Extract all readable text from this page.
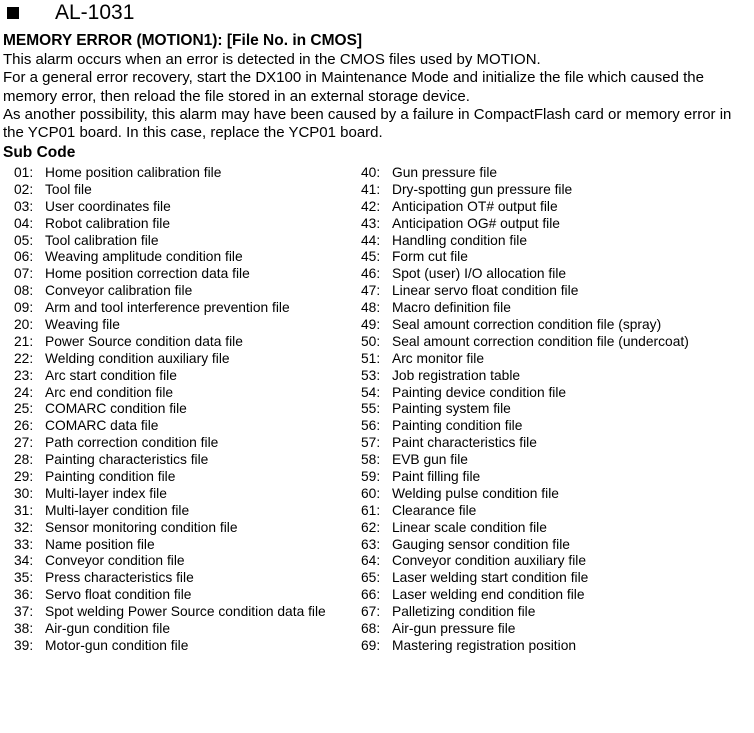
AL-1031
MEMORY ERROR (MOTION1): [File No. in CMOS]

This alarm occurs when an error is detected in the CMOS files used by MOTION.

For a general error recovery, start the DX100 in Maintenance Mode and initialize the file which caused the memory error, then reload the file stored in an external storage device.

As another possibility, this alarm may have been caused by a failure in CompactFlash card or memory error in the YCP01 board. In this case, replace the YCP01 board.

Sub Code
01: Home position calibration file
02: Tool file
03: User coordinates file
04: Robot calibration file
05: Tool calibration file
06: Weaving amplitude condition file
07: Home position correction data file
08: Conveyor calibration file
09: Arm and tool interference prevention file
20: Weaving file
21: Power Source condition data file
22: Welding condition auxiliary file
23: Arc start condition file
24: Arc end condition file
25: COMARC condition file
26: COMARC data file
27: Path correction condition file
28: Painting characteristics file
29: Painting condition file
30: Multi-layer index file
31: Multi-layer condition file
32: Sensor monitoring condition file
33: Name position file
34: Conveyor condition file
35: Press characteristics file
36: Servo float condition file
37: Spot welding Power Source condition data file
38: Air-gun condition file
39: Motor-gun condition file
40: Gun pressure file
41: Dry-spotting gun pressure file
42: Anticipation OT# output file
43: Anticipation OG# output file
44: Handling condition file
45: Form cut file
46: Spot (user) I/O allocation file
47: Linear servo float condition file
48: Macro definition file
49: Seal amount correction condition file (spray)
50: Seal amount correction condition file (undercoat)
51: Arc monitor file
53: Job registration table
54: Painting device condition file
55: Painting system file
56: Painting condition file
57: Paint characteristics file
58: EVB gun file
59: Paint filling file
60: Welding pulse condition file
61: Clearance file
62: Linear scale condition file
63: Gauging sensor condition file
64: Conveyor condition auxiliary file
65: Laser welding start condition file
66: Laser welding end condition file
67: Palletizing condition file
68: Air-gun pressure file
69: Mastering registration position
